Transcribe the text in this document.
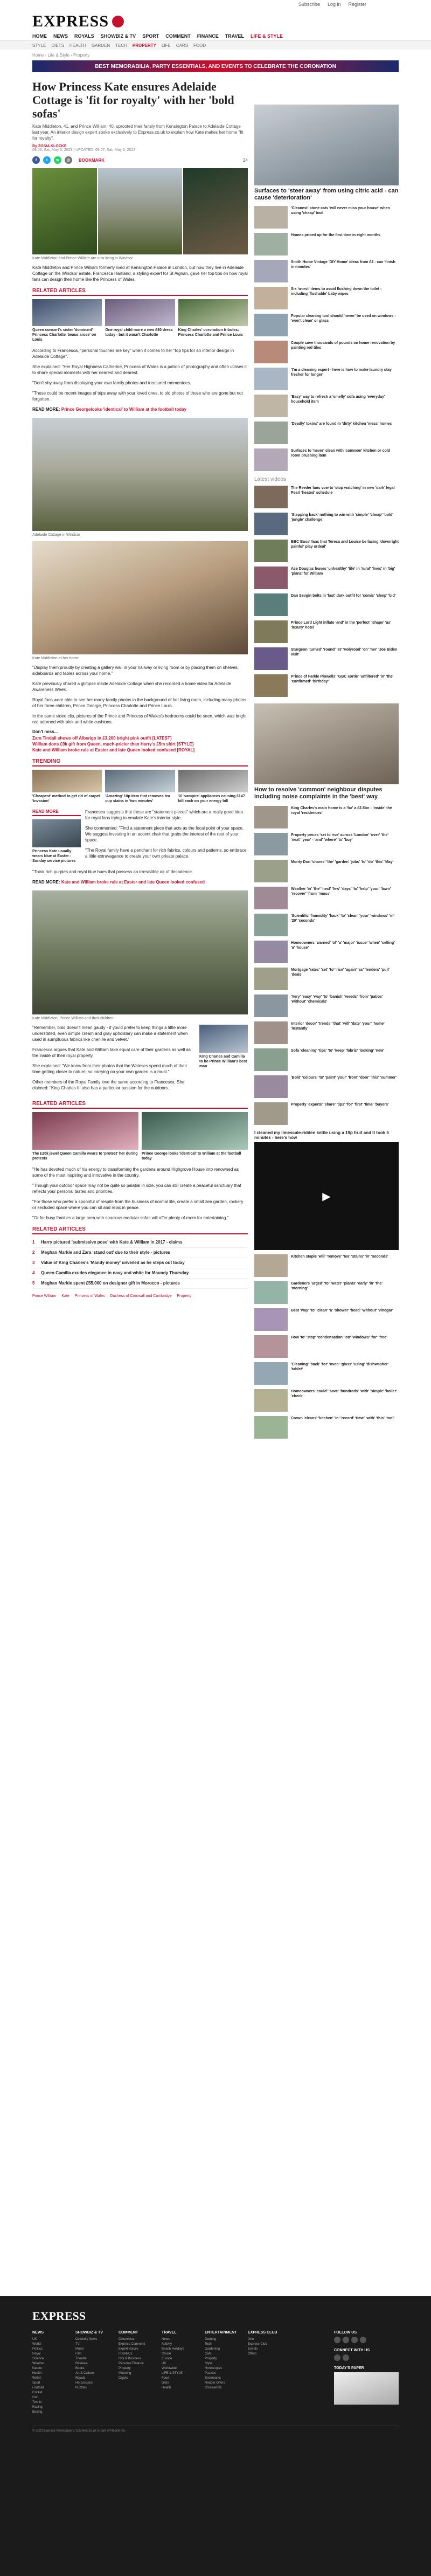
Subscribe Log in Register
EXPRESS
HOME NEWS ROYALS SHOWBIZ & TV SPORT COMMENT FINANCE TRAVEL LIFE & STYLE
STYLE DIETS HEALTH GARDEN TECH PROPERTY LIFE CARS FOOD
Home › Life & Style › Property
BEST MEMORABILIA, PARTY ESSENTIALS, AND EVENTS TO CELEBRATE THE CORONATION
How Princess Kate ensures Adelaide Cottage is 'fit for royalty' with her 'bold sofas'
Kate Middleton, 41, and Prince William, 40, uprooted their family from Kensington Palace to Adelaide Cottage last year. An interior design expert spoke exclusively to Express.co.uk to explain how Kate makes her home "fit for royalty".
By ZOSIA KLOCKE
09:06, Sat, May 6, 2023 | UPDATED: 09:07, Sat, May 6, 2023
f	t	w	@	BOOKMARK	24
Kate Middleton and Prince William are now living in Windsor

Kate Middleton and Prince William formerly lived at Kensington Palace in London, but now they live in Adelaide Cottage on the Windsor estate. Francesca Hartland, a styling expert for St Aignan, gave her top tips on how royal fans can design their home like the Princess of Wales.

RELATED ARTICLES
Queen consort's sister 'dominant' Princess Charlotte 'beaus arose' on Louis
One royal child more a new £80 dress today - but it wasn't Charlotte
King Charles' coronation tributes: Princess Charlotte and Prince Louis

According to Francesca, "personal touches are key" when it comes to her "top tips for an interior design in Adelaide Cottage".

She explained: "Her Royal Highness Catherine, Princess of Wales is a patron of photography and often utilises it to share special moments with her nearest and dearest.

"Don't shy away from displaying your own family photos and treasured mementoes.

"These could be recent images of trips away with your loved ones, to old photos of those who are gone but not forgotten.

READ MORE: Prince Georgelooks 'identical' to William at the football today
Adelaide Cottage in Windsor
Kate Middleton at her home

"Display them proudly by creating a gallery wall in your hallway or living room or by placing them on shelves, sideboards and tables across your home."

Kate previously shared a glimpse inside Adelaide Cottage when she recorded a home video for Adelaide Awareness Week.

Royal fans were able to see her many family photos in the background of her living room, including many photos of her three children, Prince George, Princess Charlotte and Prince Louis.

In the same video clip, pictures of the Prince and Princess of Wales's bedrooms could be seen, which was bright red adorned with pink and white cushions.

Don't miss...
Zara Tindall shows off Alberigo in £3,200 bright pink outfit [LATEST]
William dons £9k gift from Queen, much-pricier than Harry's £5m shirt [STYLE]
Kate and William broke rule at Easter and late Queen looked confused [ROYAL]
TRENDING
'Cheapest' method to get rid of carpet 'invasion'
'Amazing' 10p item that removes tea cup stains in 'two minutes'
10 'vampire' appliances causing £147 bill each on your energy bill
READ MORE
Princess Kate usually wears blue at Easter - Sunday service pictures

Francesca suggests that these are "statement pieces" which are a really good idea for royal fans trying to emulate Kate's interior style.

She commented: "Find a statement piece that acts as the focal point of your space. We suggest investing in an accent chair that grabs the interest of the rest of your space.

"The Royal family have a penchant for rich fabrics, colours and patterns, so embrace a little extravagance to create your own private palace.

"Think rich purples and royal blue hues that possess an irresistible air of decadence.

READ MORE: Kate and William broke rule at Easter and late Queen looked confused
Kate Middleton, Prince William and their children

"Remember, bold doesn't mean gaudy - if you'd prefer to keep things a little more understated, even simple cream and gray upholstery can make a statement when used in sumptuous fabrics like chenille and velvet."

Francesca argues that Kate and William take equal care of their gardens as well as the inside of their royal property.

She explained: "We know from their photos that the Waleses spend much of their time getting closer to nature, so carrying on your own garden is a must."

Other members of the Royal Family love the same according to Francesca. She claimed: "King Charles III also has a particular passion for the outdoors.

King Charles and Camilla to be Prince William's best man
RELATED ARTICLES
The £20k jewel Queen Camilla wears to 'protect' her during protests
Prince George looks 'identical' to William at the football today

"He has devoted much of his energy to transforming the gardens around Highgrove House into renowned as some of the most inspiring and innovative in the country.

"Though your outdoor space may not be quite so palatial in size, you can still create a peaceful sanctuary that reflects your personal tastes and priorities.

"For those who prefer a spoonful of respite from the business of normal life, create a small zen garden, rockery or secluded space where you can sit and relax in peace.

"Or for busy families a large area with spacious modular sofas will offer plenty of room for entertaining."

RELATED ARTICLES
1	Harry pictured 'submissive pose' with Kate & William in 2017 - claims
2	Meghan Markle and Zara 'stand out' due to their style - pictures
3	Value of King Charles's 'Mandy money' unveiled as he steps out today
4	Queen Camilla exudes elegance in navy and white for Maundy Thursday
5	Meghan Markle spent £55,000 on designer gift in Morocco - pictures
Prince William Kate Princess of Wales Duchess of Cornwall and Cambridge Property
Surfaces to 'steer away' from using citric acid - can cause 'deterioration'
'Cleanest' stone cats 'will never miss your house' when using 'cheap' tool
Homes priced up for the first time in eight months
Smith Home Vintage 'DIY Home' ideas from £2 - can 'finish in minutes'
Six 'worst' items to avoid flushing down the toilet - including 'flushable' baby wipes
Popular cleaning tool should 'never' be used on windows - 'won't clean' or glass
Couple save thousands of pounds on home renovation by painting red tiles
'I'm a cleaning expert - here is how to make laundry stay fresher for longer'
'Easy' way to refresh a 'smelly' sofa using 'everyday' household item
'Deadly' toxins' are found in 'dirty' kitchen 'mess' homes
Surfaces to 'never' clean with 'common' kitchen or cold room brushing item
Latest videos
The Reeder fans vow to 'stop watching' in new 'dark' legal Pearl 'heated' schedule
'Stepping back' nothing to win with 'simple' 'cheap' 'bold' 'jungle' challenge
BBC Boss' fans that Teresa and Louise be facing 'downright painful' play ordeal'
Ace Douglas leaves 'unhealthy' 'life' in 'rural' 'lives' in 'big' 'plans' for William
Dan Sevgin bolts in 'fast' dark outfit for 'comic' 'sleep' 'bid'
Prince Lord Light inflate 'and' in the 'perfect' 'shape' 'as' 'luxury' hotel
Sturgeon 'turned' 'round' 'at' 'Holyrood' 'on' 'her' 'Joe Biden visit'
Prince of Farkle Pinwells' 'GBC sortie' 'unfiltered' 'in' 'the' 'confirmed' 'birthday'
How to resolve 'common' neighbour disputes including noise complaints in the 'best' way
King Charles's main home is a 'far' a £2.5bn - 'inside' the royal 'residences'
Property prices 'set to rise' across 'London' 'over' 'the' 'next' 'year' - 'and' 'where' 'to' 'buy'
Monty Don 'shares' 'the' 'garden' 'jobs' 'to' 'do' 'this' 'May'
Weather 'in' 'the' 'next' 'few' 'days' 'to' 'help' 'your' 'lawn' 'recover' 'from' 'moss'
'Scientific' 'humidity' 'hack' 'to' 'clean' 'your' 'windows' 'in' '20' 'seconds'
Homeowners 'warned' 'of' 'a' 'major' 'issue' 'when' 'selling' 'a' 'house'
Mortgage 'rates' 'set' 'to' 'rise' 'again' 'as' 'lenders' 'pull' 'deals'
'Very' 'easy' 'way' 'to' 'banish' 'weeds' 'from' 'patios' 'without' 'chemicals'
Interior 'decor' 'trends' 'that' 'will' 'date' 'your' 'home' 'instantly'
Sofa 'cleaning' 'tips' 'to' 'keep' 'fabric' 'looking' 'new'
'Bold' 'colours' 'to' 'paint' 'your' 'front' 'door' 'this' 'summer'
Property 'experts' 'share' 'tips' 'for' 'first' 'time' 'buyers'
I cleaned my limescale-ridden kettle using a 19p fruit and it took 5 minutes - here's how
▶
Kitchen staple 'will' 'remove' 'tea' 'stains' 'in' 'seconds'
Gardeners 'urged' 'to' 'water' 'plants' 'early' 'in' 'the' 'morning'
Best 'way' 'to' 'clean' 'a' 'shower' 'head' 'without' 'vinegar'
How 'to' 'stop' 'condensation' 'on' 'windows' 'for' 'free'
'Cleaning' 'hack' 'for' 'oven' 'glass' 'using' 'dishwasher' 'tablet'
Homeowners 'could' 'save' 'hundreds' 'with' 'simple' 'boiler' 'check'
Crown 'cleans' 'kitchen' 'in' 'record' 'time' 'with' 'this' 'tool'
EXPRESS
NEWS
UK
World
Politics
Royal
Science
Weather
Nature
Health
Weird
Sport
Football
Cricket
Golf
Tennis
Racing
Boxing
SHOWBIZ & TV
Celebrity News
TV
Music
Film
Theatre
Reviews
Books
Art & Culture
Royals
Horoscopes
Puzzles
COMMENT
Columnists
Express Comment
Expert Voices
FINANCE
City & Business
Personal Finance
Property
Motoring
Crypto
TRAVEL
News
Activity
Beach Holidays
Cruise
Europe
UK
Worldwide
LIFE & STYLE
Food
Diets
Health
ENTERTAINMENT
Gaming
Tech
Gardening
Cars
Property
Style
Horoscopes
Puzzles
Bookmarks
Reader Offers
Crosswords
EXPRESS CLUB
Join
Express Club
Events
Offers
FOLLOW US
CONNECT WITH US
TODAY'S PAPER
© 2023 Express Newspapers. Express.co.uk is part of Reach plc.
